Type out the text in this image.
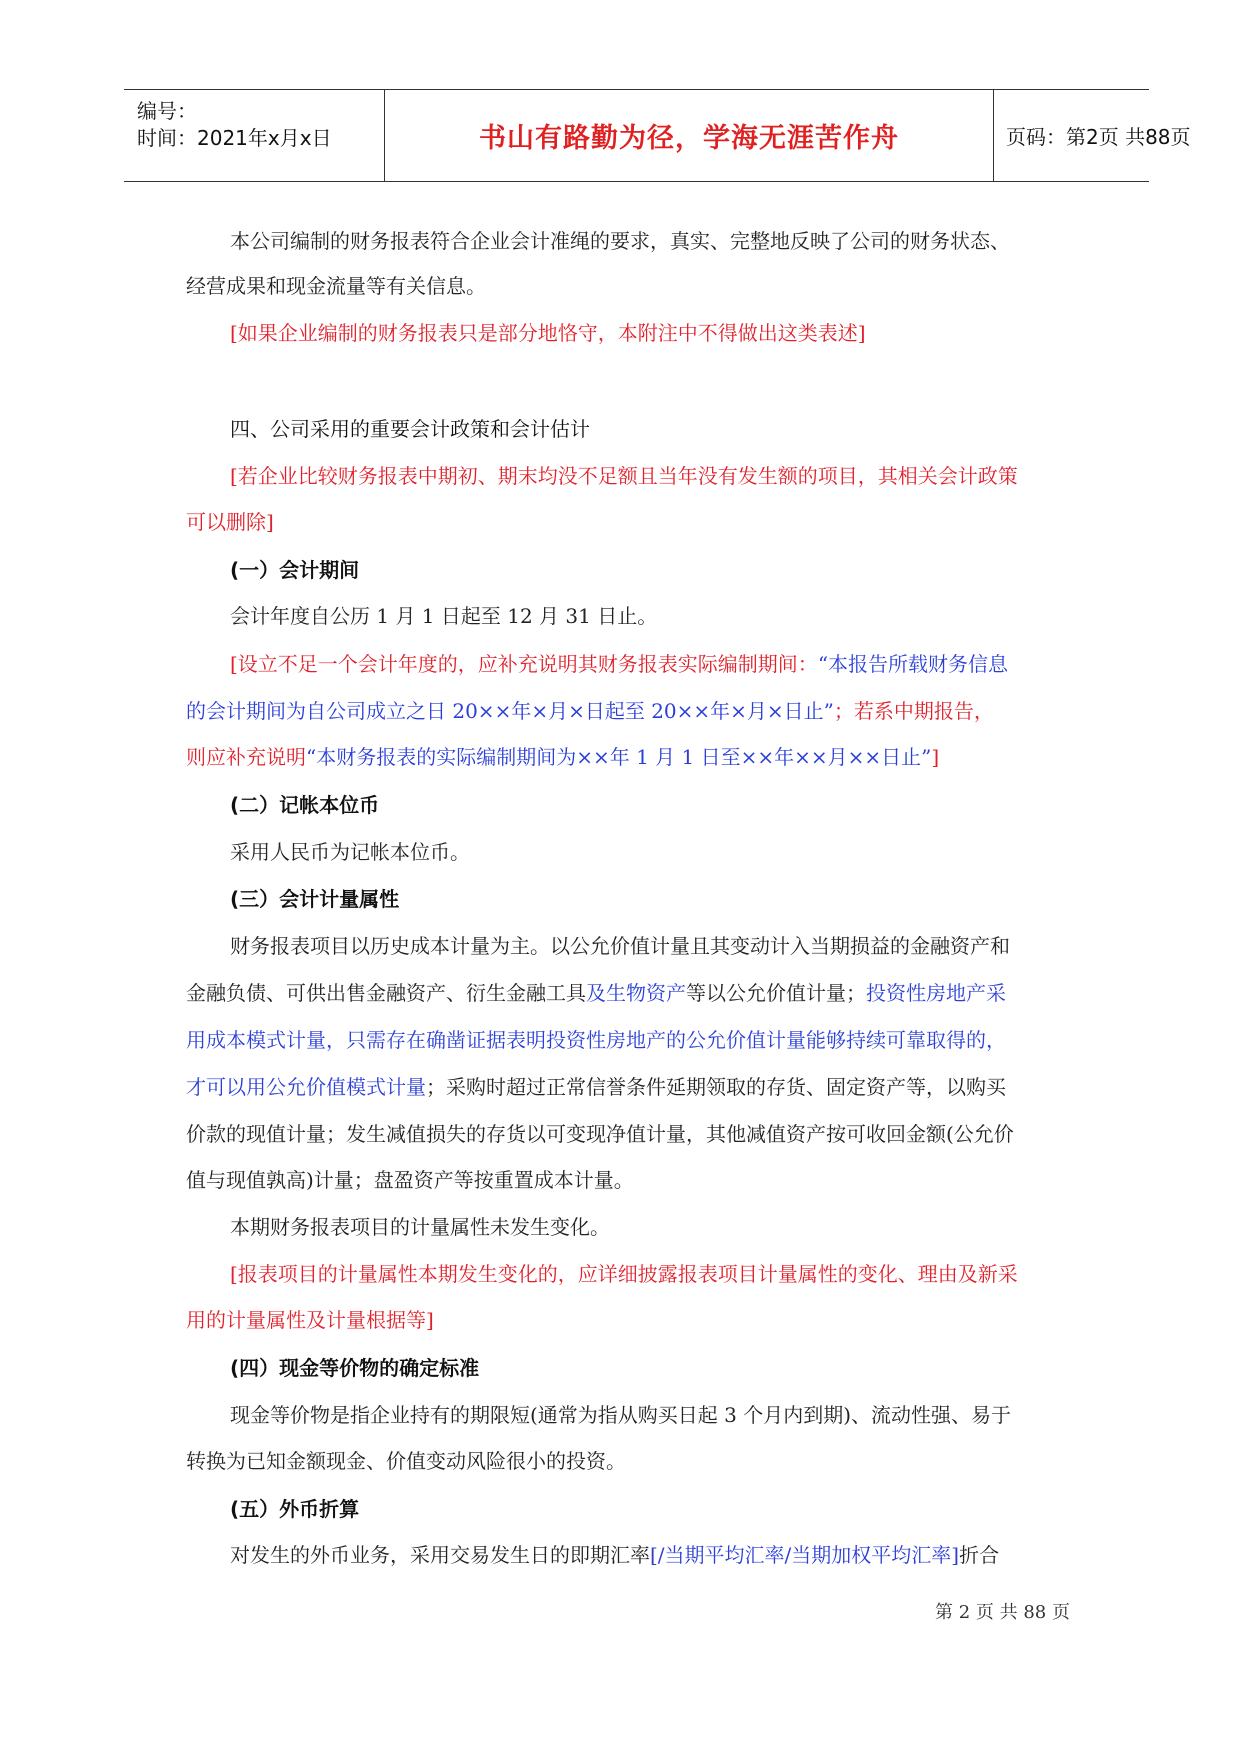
编号：
时间：2021年x月x日	书山有路勤为径，学海无涯苦作舟	页码：第2页 共88页
本公司编制的财务报表符合企业会计准绳的要求，真实、完整地反映了公司的财务状态、
经营成果和现金流量等有关信息。
[如果企业编制的财务报表只是部分地恪守，本附注中不得做出这类表述]
四、公司采用的重要会计政策和会计估计
[若企业比较财务报表中期初、期末均没不足额且当年没有发生额的项目，其相关会计政策
可以删除]
(一）会计期间
会计年度自公历 1 月 1 日起至 12 月 31 日止。
[设立不足一个会计年度的，应补充说明其财务报表实际编制期间：“本报告所载财务信息
的会计期间为自公司成立之日 20××年×月×日起至 20××年×月×日止”；若系中期报告，
则应补充说明“本财务报表的实际编制期间为××年 1 月 1 日至××年××月××日止”]
(二）记帐本位币
采用人民币为记帐本位币。
(三）会计计量属性
财务报表项目以历史成本计量为主。以公允价值计量且其变动计入当期损益的金融资产和
金融负债、可供出售金融资产、衍生金融工具及生物资产等以公允价值计量；投资性房地产采
用成本模式计量，只需存在确凿证据表明投资性房地产的公允价值计量能够持续可靠取得的，
才可以用公允价值模式计量；采购时超过正常信誉条件延期领取的存货、固定资产等，以购买
价款的现值计量；发生减值损失的存货以可变现净值计量，其他减值资产按可收回金额(公允价
值与现值孰高)计量；盘盈资产等按重置成本计量。
本期财务报表项目的计量属性未发生变化。
[报表项目的计量属性本期发生变化的，应详细披露报表项目计量属性的变化、理由及新采
用的计量属性及计量根据等]
(四）现金等价物的确定标准
现金等价物是指企业持有的期限短(通常为指从购买日起 3 个月内到期)、流动性强、易于
转换为已知金额现金、价值变动风险很小的投资。
(五）外币折算
对发生的外币业务，采用交易发生日的即期汇率[/当期平均汇率/当期加权平均汇率]折合
第 2 页 共 88 页
